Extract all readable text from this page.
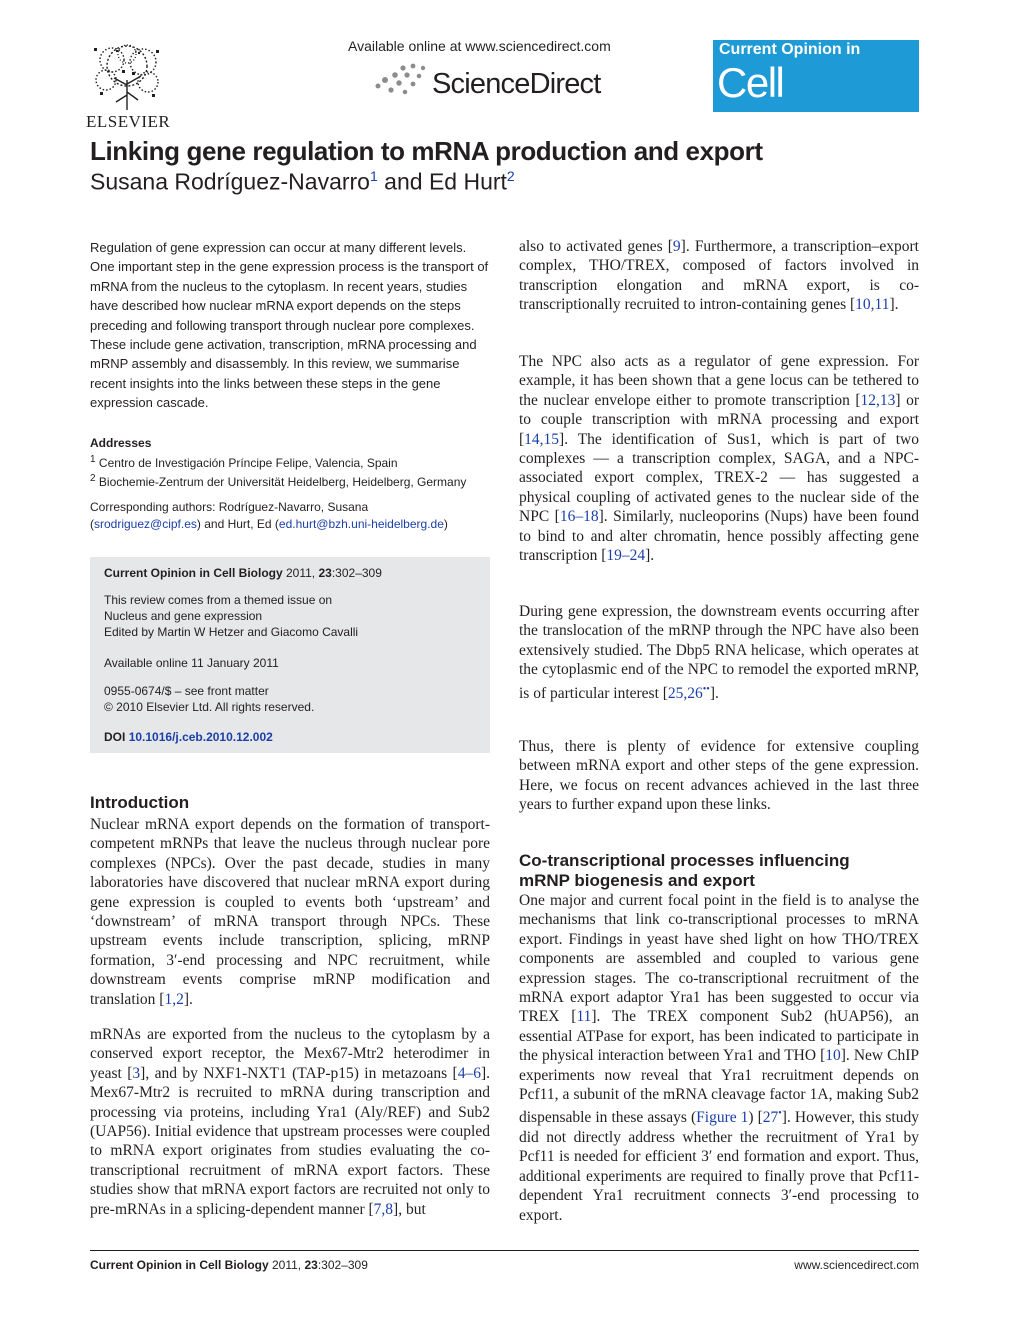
ELSEVIER
Available online at www.sciencedirect.com
ScienceDirect
Current Opinion in
Cell Biology
Linking gene regulation to mRNA production and export
Susana Rodríguez-Navarro$^1$ and Ed Hurt$^2$
Regulation of gene expression can occur at many different levels. One important step in the gene expression process is the transport of mRNA from the nucleus to the cytoplasm. In recent years, studies have described how nuclear mRNA export depends on the steps preceding and following transport through nuclear pore complexes. These include gene activation, transcription, mRNA processing and mRNP assembly and disassembly. In this review, we summarise recent insights into the links between these steps in the gene expression cascade.
Addresses
$^1$ Centro de Investigación Príncipe Felipe, Valencia, Spain
$^2$ Biochemie-Zentrum der Universität Heidelberg, Heidelberg, Germany
Corresponding authors: Rodríguez-Navarro, Susana
(srodriguez@cipf.es) and Hurt, Ed (ed.hurt@bzh.uni-heidelberg.de)
Current Opinion in Cell Biology 2011, 23:302–309
This review comes from a themed issue on
Nucleus and gene expression
Edited by Martin W Hetzer and Giacomo Cavalli
Available online 11 January 2011
0955-0674/$ – see front matter
© 2010 Elsevier Ltd. All rights reserved.
DOI 10.1016/j.ceb.2010.12.002
Introduction
Nuclear mRNA export depends on the formation of transport-competent mRNPs that leave the nucleus through nuclear pore complexes (NPCs). Over the past decade, studies in many laboratories have discovered that nuclear mRNA export during gene expression is coupled to events both ‘upstream’ and ‘downstream’ of mRNA transport through NPCs. These upstream events include transcription, splicing, mRNP formation, 3′-end processing and NPC recruitment, while downstream events comprise mRNP modification and translation [1,2].
mRNAs are exported from the nucleus to the cytoplasm by a conserved export receptor, the Mex67-Mtr2 heterodimer in yeast [3], and by NXF1-NXT1 (TAP-p15) in metazoans [4–6]. Mex67-Mtr2 is recruited to mRNA during transcription and processing via proteins, including Yra1 (Aly/REF) and Sub2 (UAP56). Initial evidence that upstream processes were coupled to mRNA export originates from studies evaluating the co-transcriptional recruitment of mRNA export factors. These studies show that mRNA export factors are recruited not only to pre-mRNAs in a splicing-dependent manner [7,8], but
also to activated genes [9]. Furthermore, a transcription–export complex, THO/TREX, composed of factors involved in transcription elongation and mRNA export, is co-transcriptionally recruited to intron-containing genes [10,11].
The NPC also acts as a regulator of gene expression. For example, it has been shown that a gene locus can be tethered to the nuclear envelope either to promote transcription [12,13] or to couple transcription with mRNA processing and export [14,15]. The identification of Sus1, which is part of two complexes — a transcription complex, SAGA, and a NPC-associated export complex, TREX-2 — has suggested a physical coupling of activated genes to the nuclear side of the NPC [16–18]. Similarly, nucleoporins (Nups) have been found to bind to and alter chromatin, hence possibly affecting gene transcription [19–24].
During gene expression, the downstream events occurring after the translocation of the mRNP through the NPC have also been extensively studied. The Dbp5 RNA helicase, which operates at the cytoplasmic end of the NPC to remodel the exported mRNP, is of particular interest [25,26••].
Thus, there is plenty of evidence for extensive coupling between mRNA export and other steps of the gene expression. Here, we focus on recent advances achieved in the last three years to further expand upon these links.
Co-transcriptional processes influencing
mRNP biogenesis and export
One major and current focal point in the field is to analyse the mechanisms that link co-transcriptional processes to mRNA export. Findings in yeast have shed light on how THO/TREX components are assembled and coupled to various gene expression stages. The co-transcriptional recruitment of the mRNA export adaptor Yra1 has been suggested to occur via TREX [11]. The TREX component Sub2 (hUAP56), an essential ATPase for export, has been indicated to participate in the physical interaction between Yra1 and THO [10]. New ChIP experiments now reveal that Yra1 recruitment depends on Pcf11, a subunit of the mRNA cleavage factor 1A, making Sub2 dispensable in these assays (Figure 1) [27•]. However, this study did not directly address whether the recruitment of Yra1 by Pcf11 is needed for efficient 3′ end formation and export. Thus, additional experiments are required to finally prove that Pcf11-dependent Yra1 recruitment connects 3′-end processing to export.
Current Opinion in Cell Biology 2011, 23:302–309	www.sciencedirect.com
